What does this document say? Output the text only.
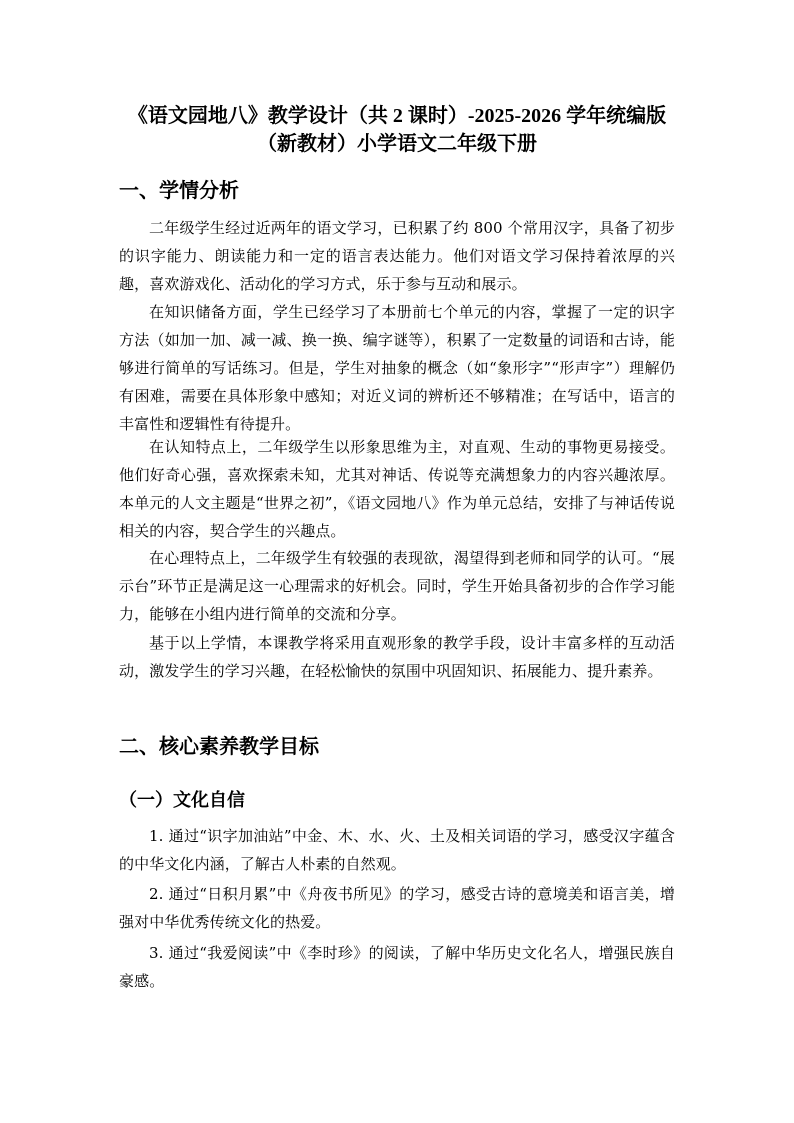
《语文园地八》教学设计（共 2 课时）-2025-2026 学年统编版
（新教材）小学语文二年级下册
一、学情分析

二年级学生经过近两年的语文学习，已积累了约 800 个常用汉字，具备了初步的识字能力、朗读能力和一定的语言表达能力。他们对语文学习保持着浓厚的兴趣，喜欢游戏化、活动化的学习方式，乐于参与互动和展示。

在知识储备方面，学生已经学习了本册前七个单元的内容，掌握了一定的识字方法（如加一加、减一减、换一换、编字谜等），积累了一定数量的词语和古诗，能够进行简单的写话练习。但是，学生对抽象的概念（如“象形字”“形声字”）理解仍有困难，需要在具体形象中感知；对近义词的辨析还不够精准；在写话中，语言的丰富性和逻辑性有待提升。

在认知特点上，二年级学生以形象思维为主，对直观、生动的事物更易接受。他们好奇心强，喜欢探索未知，尤其对神话、传说等充满想象力的内容兴趣浓厚。本单元的人文主题是“世界之初”，《语文园地八》作为单元总结，安排了与神话传说相关的内容，契合学生的兴趣点。

在心理特点上，二年级学生有较强的表现欲，渴望得到老师和同学的认可。“展示台”环节正是满足这一心理需求的好机会。同时，学生开始具备初步的合作学习能力，能够在小组内进行简单的交流和分享。

基于以上学情，本课教学将采用直观形象的教学手段，设计丰富多样的互动活动，激发学生的学习兴趣，在轻松愉快的氛围中巩固知识、拓展能力、提升素养。

二、核心素养教学目标
（一）文化自信

1. 通过“识字加油站”中金、木、水、火、土及相关词语的学习，感受汉字蕴含的中华文化内涵，了解古人朴素的自然观。

2. 通过“日积月累”中《舟夜书所见》的学习，感受古诗的意境美和语言美，增强对中华优秀传统文化的热爱。

3. 通过“我爱阅读”中《李时珍》的阅读，了解中华历史文化名人，增强民族自豪感。
